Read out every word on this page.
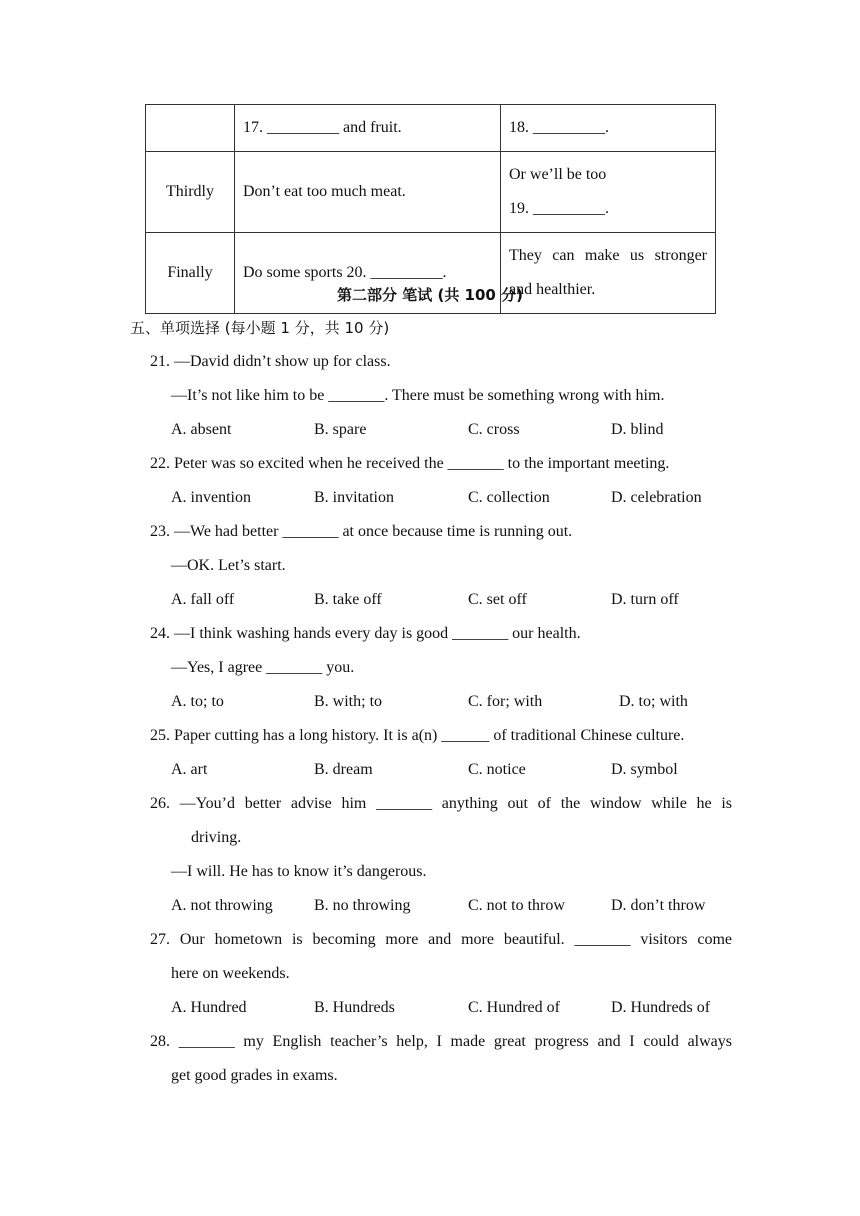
	17. _________ and fruit.	18. _________.
Thirdly	Don’t eat too much meat.	Or we’ll be too
19. _________.

Finally	Do some sports 20. _________.	They can make us stronger and healthier.
第二部分 笔试 (共 100 分)
五、单项选择 (每小题 1 分，共 10 分)
21. —David didn’t show up for class.
—It’s not like him to be _______. There must be something wrong with him.
A. absent	B. spare	C. cross	D. blind
22. Peter was so excited when he received the _______ to the important meeting.
A. invention	B. invitation	C. collection	D. celebration
23. —We had better _______ at once because time is running out.
—OK. Let’s start.
A. fall off	B. take off	C. set off	D. turn off
24. —I think washing hands every day is good _______ our health.
—Yes, I agree _______ you.
A. to; to	B. with; to	C. for; with	D. to; with
25. Paper cutting has a long history. It is a(n) ______ of traditional Chinese culture.
A. art	B. dream	C. notice	D. symbol
26. —You’d better advise him _______ anything out of the window while he is
driving.
—I will. He has to know it’s dangerous.
A. not throwing	B. no throwing	C. not to throw	D. don’t throw
27. Our hometown is becoming more and more beautiful. _______ visitors come
here on weekends.
A. Hundred	B. Hundreds	C. Hundred of	D. Hundreds of
28. _______ my English teacher’s help, I made great progress and I could always
get good grades in exams.
